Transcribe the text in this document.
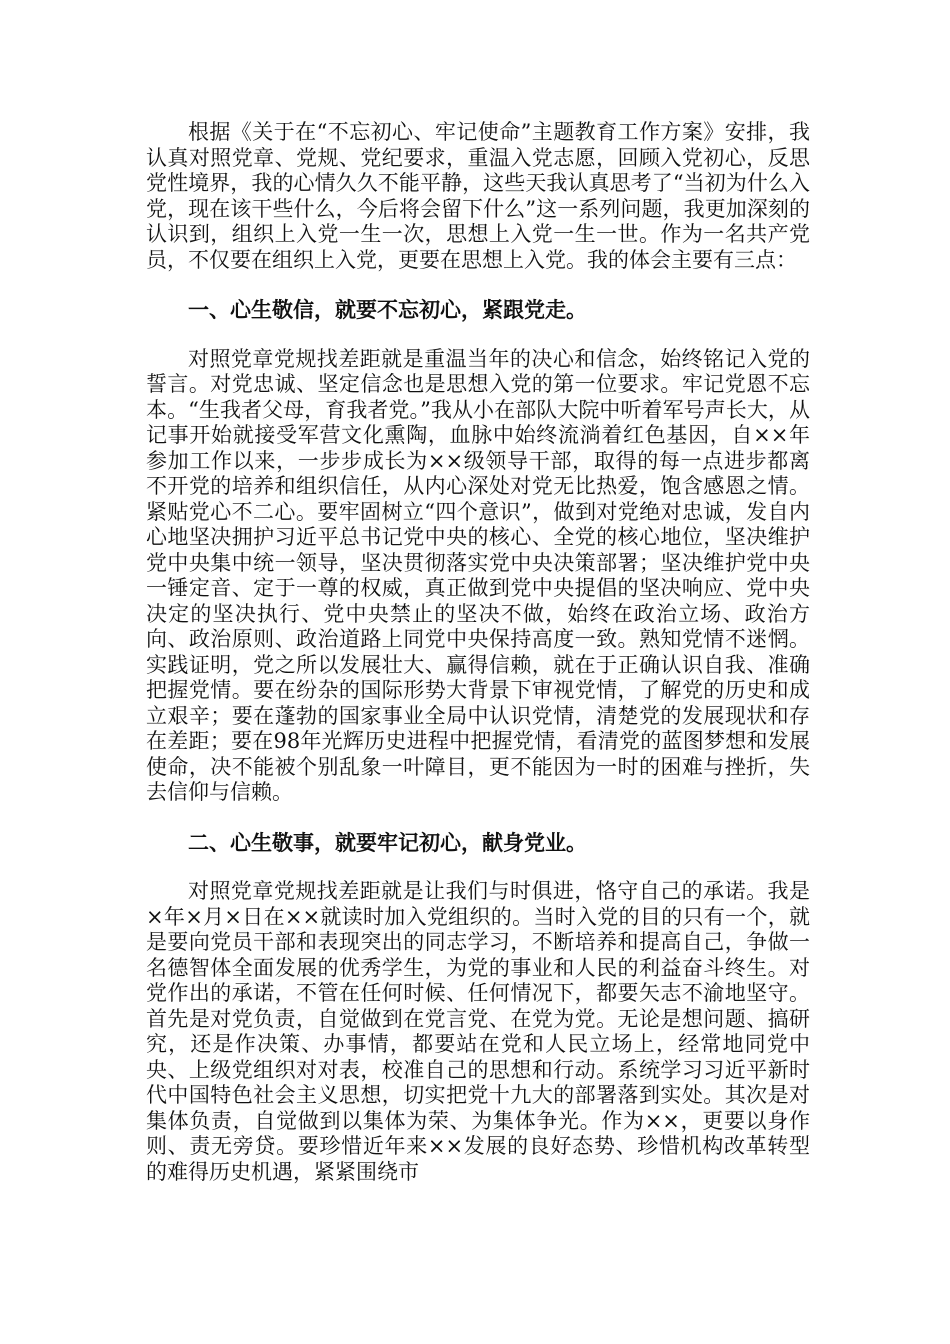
根据《关于在“不忘初心、牢记使命”主题教育工作方案》安排，我认真对照党章、党规、党纪要求，重温入党志愿，回顾入党初心，反思党性境界，我的心情久久不能平静，这些天我认真思考了“当初为什么入党，现在该干些什么，今后将会留下什么”这一系列问题，我更加深刻的认识到，组织上入党一生一次，思想上入党一生一世。作为一名共产党员，不仅要在组织上入党，更要在思想上入党。我的体会主要有三点：

一、心生敬信，就要不忘初心，紧跟党走。

对照党章党规找差距就是重温当年的决心和信念，始终铭记入党的誓言。对党忠诚、坚定信念也是思想入党的第一位要求。牢记党恩不忘本。“生我者父母，育我者党。”我从小在部队大院中听着军号声长大，从记事开始就接受军营文化熏陶，血脉中始终流淌着红色基因，自××年参加工作以来，一步步成长为××级领导干部，取得的每一点进步都离不开党的培养和组织信任，从内心深处对党无比热爱，饱含感恩之情。紧贴党心不二心。要牢固树立“四个意识”，做到对党绝对忠诚，发自内心地坚决拥护习近平总书记党中央的核心、全党的核心地位，坚决维护党中央集中统一领导，坚决贯彻落实党中央决策部署；坚决维护党中央一锤定音、定于一尊的权威，真正做到党中央提倡的坚决响应、党中央决定的坚决执行、党中央禁止的坚决不做，始终在政治立场、政治方向、政治原则、政治道路上同党中央保持高度一致。熟知党情不迷惘。实践证明，党之所以发展壮大、赢得信赖，就在于正确认识自我、准确把握党情。要在纷杂的国际形势大背景下审视党情，了解党的历史和成立艰辛；要在蓬勃的国家事业全局中认识党情，清楚党的发展现状和存在差距；要在98年光辉历史进程中把握党情，看清党的蓝图梦想和发展使命，决不能被个别乱象一叶障目，更不能因为一时的困难与挫折，失去信仰与信赖。

二、心生敬事，就要牢记初心，献身党业。

对照党章党规找差距就是让我们与时俱进，恪守自己的承诺。我是×年×月×日在××就读时加入党组织的。当时入党的目的只有一个，就是要向党员干部和表现突出的同志学习，不断培养和提高自己，争做一名德智体全面发展的优秀学生，为党的事业和人民的利益奋斗终生。对党作出的承诺，不管在任何时候、任何情况下，都要矢志不渝地坚守。首先是对党负责，自觉做到在党言党、在党为党。无论是想问题、搞研究，还是作决策、办事情，都要站在党和人民立场上，经常地同党中央、上级党组织对对表，校准自己的思想和行动。系统学习习近平新时代中国特色社会主义思想，切实把党十九大的部署落到实处。其次是对集体负责，自觉做到以集体为荣、为集体争光。作为××，更要以身作则、责无旁贷。要珍惜近年来××发展的良好态势、珍惜机构改革转型的难得历史机遇，紧紧围绕市
